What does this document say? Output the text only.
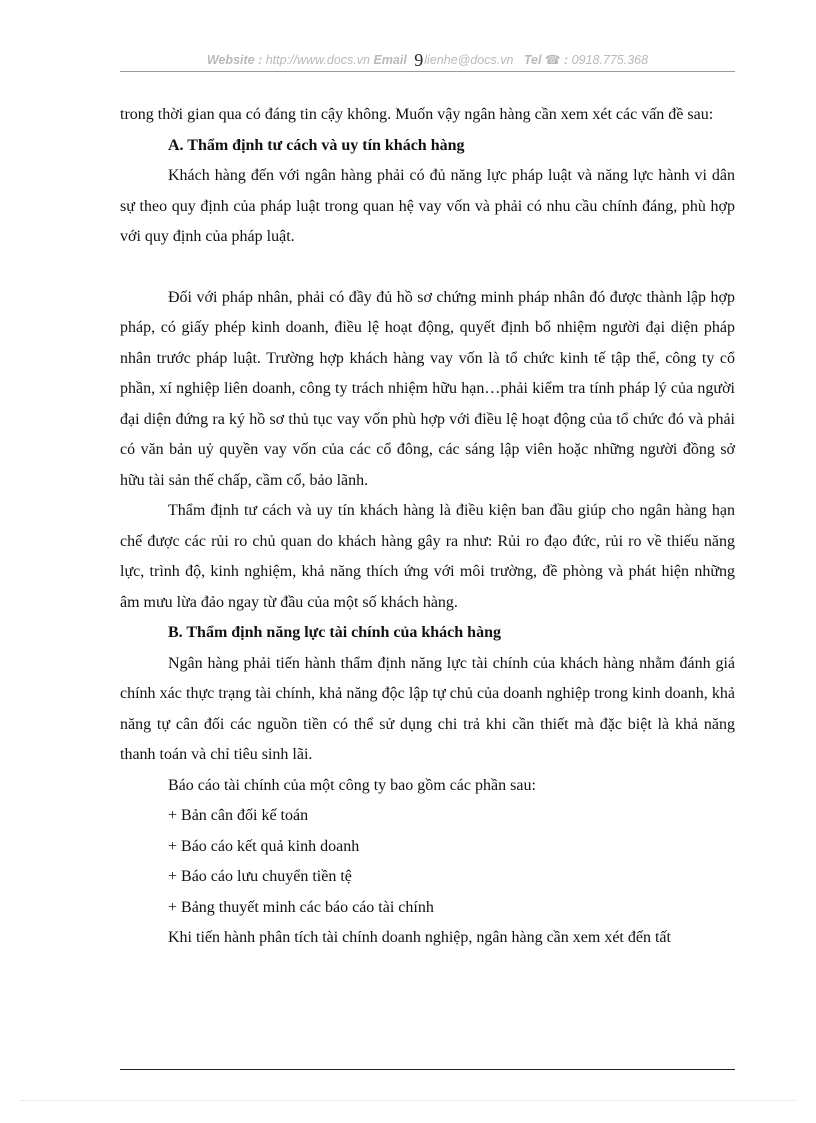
Website : http://www.docs.vn Email 9lienhe@docs.vn Tel ☎ : 0918.775.368

trong thời gian qua có đáng tin cậy không. Muốn vậy ngân hàng cần xem xét các vấn đề sau:

A. Thẩm định tư cách và uy tín khách hàng

Khách hàng đến với ngân hàng phải có đủ năng lực pháp luật và năng lực hành vi dân sự theo quy định của pháp luật trong quan hệ vay vốn và phải có nhu cầu chính đáng, phù hợp với quy định của pháp luật.

Đối với pháp nhân, phải có đầy đủ hồ sơ chứng minh pháp nhân đó được thành lập hợp pháp, có giấy phép kinh doanh, điều lệ hoạt động, quyết định bổ nhiệm người đại diện pháp nhân trước pháp luật. Trường hợp khách hàng vay vốn là tổ chức kinh tế tập thể, công ty cổ phần, xí nghiệp liên doanh, công ty trách nhiệm hữu hạn…phải kiểm tra tính pháp lý của người đại diện đứng ra ký hồ sơ thủ tục vay vốn phù hợp với điều lệ hoạt động của tổ chức đó và phải có văn bản uỷ quyền vay vốn của các cổ đông, các sáng lập viên hoặc những người đồng sở hữu tài sản thế chấp, cầm cố, bảo lãnh.

Thẩm định tư cách và uy tín khách hàng là điều kiện ban đầu giúp cho ngân hàng hạn chế được các rủi ro chủ quan do khách hàng gây ra như: Rủi ro đạo đức, rủi ro về thiếu năng lực, trình độ, kinh nghiệm, khả năng thích ứng với môi trường, đề phòng và phát hiện những âm mưu lừa đảo ngay từ đầu của một số khách hàng.

B. Thẩm định năng lực tài chính của khách hàng

Ngân hàng phải tiến hành thẩm định năng lực tài chính của khách hàng nhằm đánh giá chính xác thực trạng tài chính, khả năng độc lập tự chủ của doanh nghiệp trong kinh doanh, khả năng tự cân đối các nguồn tiền có thể sử dụng chi trả khi cần thiết mà đặc biệt là khả năng thanh toán và chỉ tiêu sinh lãi.

Báo cáo tài chính của một công ty bao gồm các phần sau:

+ Bản cân đối kế toán

+ Báo cáo kết quả kinh doanh

+ Báo cáo lưu chuyển tiền tệ

+ Bảng thuyết minh các báo cáo tài chính

Khi tiến hành phân tích tài chính doanh nghiệp, ngân hàng cần xem xét đến tất
